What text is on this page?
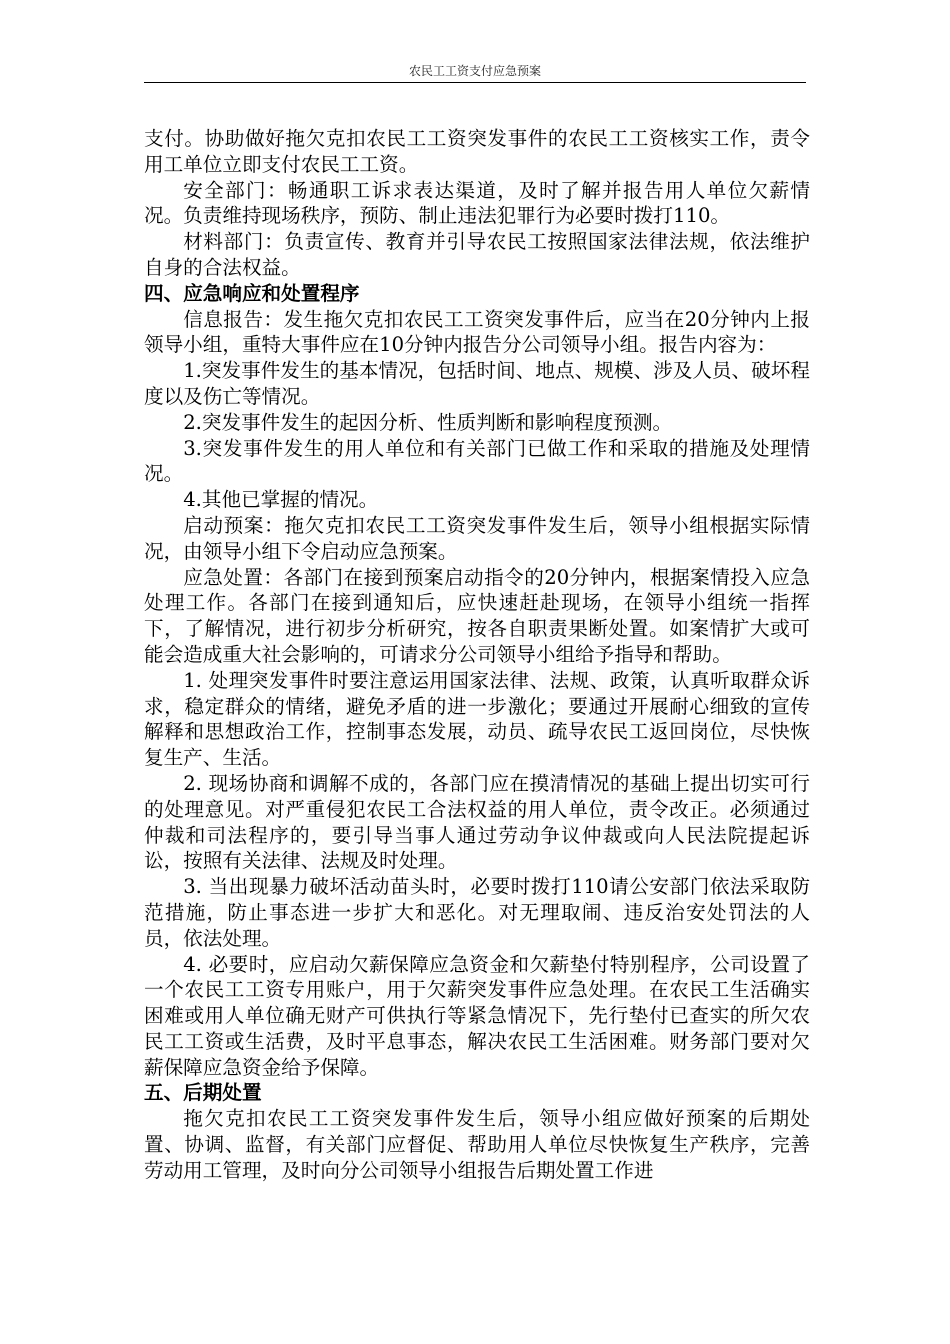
农民工工资支付应急预案

支付。协助做好拖欠克扣农民工工资突发事件的农民工工资核实工作，责令用工单位立即支付农民工工资。

安全部门：畅通职工诉求表达渠道，及时了解并报告用人单位欠薪情况。负责维持现场秩序，预防、制止违法犯罪行为必要时拨打110。

材料部门：负责宣传、教育并引导农民工按照国家法律法规，依法维护自身的合法权益。

四、应急响应和处置程序

信息报告：发生拖欠克扣农民工工资突发事件后，应当在20分钟内上报领导小组，重特大事件应在10分钟内报告分公司领导小组。报告内容为：

1.突发事件发生的基本情况，包括时间、地点、规模、涉及人员、破坏程度以及伤亡等情况。

2.突发事件发生的起因分析、性质判断和影响程度预测。

3.突发事件发生的用人单位和有关部门已做工作和采取的措施及处理情况。

4.其他已掌握的情况。

启动预案：拖欠克扣农民工工资突发事件发生后，领导小组根据实际情况，由领导小组下令启动应急预案。

应急处置：各部门在接到预案启动指令的20分钟内，根据案情投入应急处理工作。各部门在接到通知后，应快速赶赴现场，在领导小组统一指挥下，了解情况，进行初步分析研究，按各自职责果断处置。如案情扩大或可能会造成重大社会影响的，可请求分公司领导小组给予指导和帮助。

1. 处理突发事件时要注意运用国家法律、法规、政策，认真听取群众诉求，稳定群众的情绪，避免矛盾的进一步激化；要通过开展耐心细致的宣传解释和思想政治工作，控制事态发展，动员、疏导农民工返回岗位，尽快恢复生产、生活。

2. 现场协商和调解不成的，各部门应在摸清情况的基础上提出切实可行的处理意见。对严重侵犯农民工合法权益的用人单位，责令改正。必须通过仲裁和司法程序的，要引导当事人通过劳动争议仲裁或向人民法院提起诉讼，按照有关法律、法规及时处理。

3. 当出现暴力破坏活动苗头时，必要时拨打110请公安部门依法采取防范措施，防止事态进一步扩大和恶化。对无理取闹、违反治安处罚法的人员，依法处理。

4. 必要时，应启动欠薪保障应急资金和欠薪垫付特别程序，公司设置了一个农民工工资专用账户，用于欠薪突发事件应急处理。在农民工生活确实困难或用人单位确无财产可供执行等紧急情况下，先行垫付已查实的所欠农民工工资或生活费，及时平息事态，解决农民工生活困难。财务部门要对欠薪保障应急资金给予保障。

五、后期处置

拖欠克扣农民工工资突发事件发生后，领导小组应做好预案的后期处置、协调、监督，有关部门应督促、帮助用人单位尽快恢复生产秩序，完善劳动用工管理，及时向分公司领导小组报告后期处置工作进
